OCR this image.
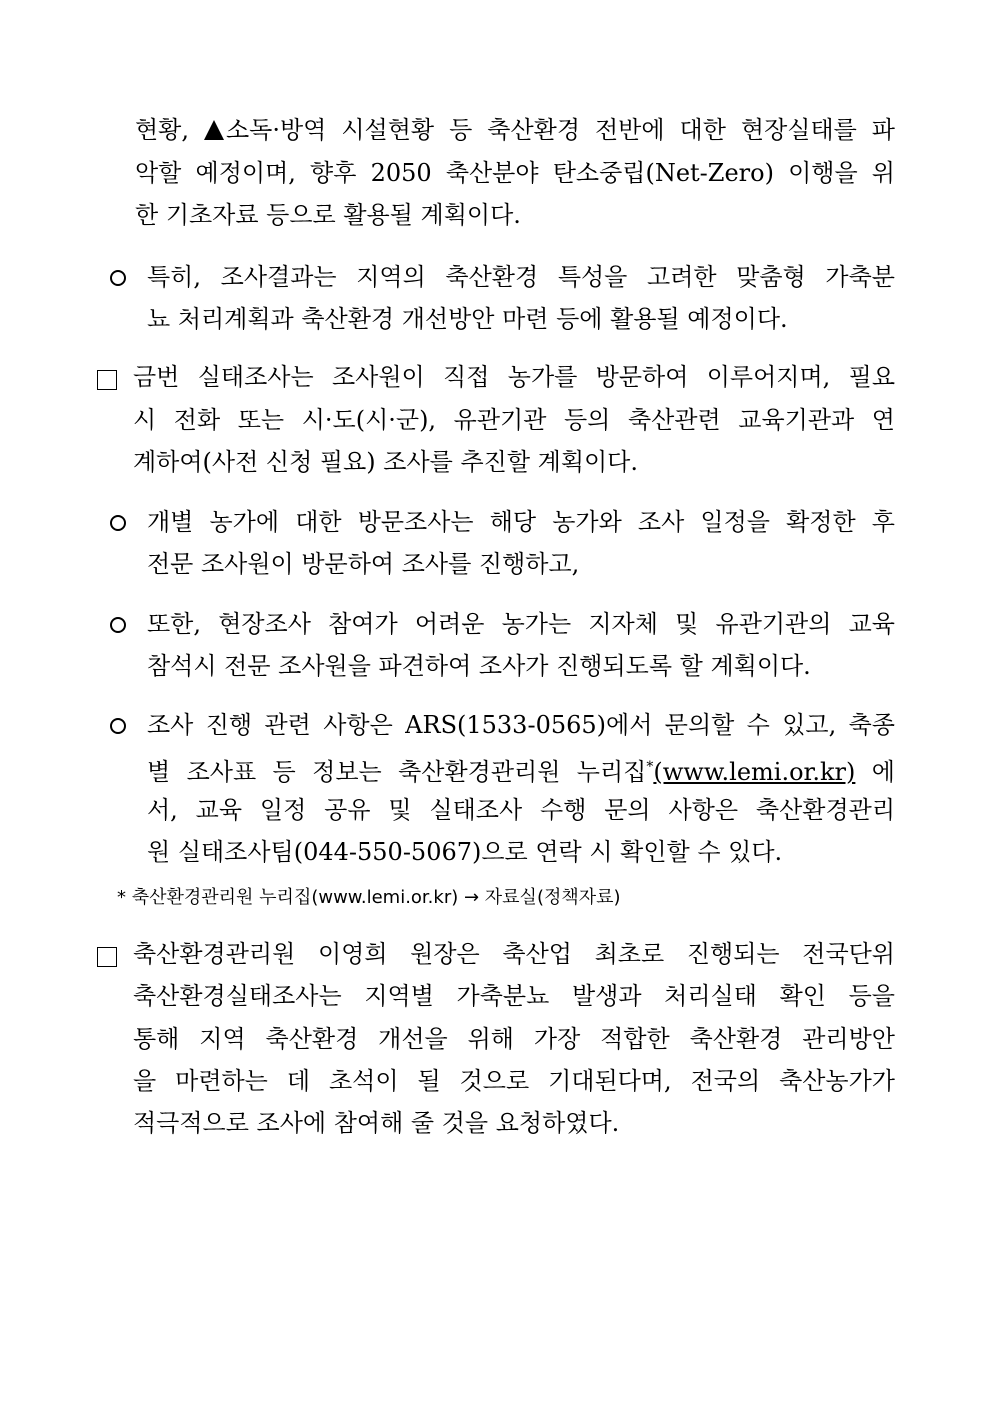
현황, 소독·방역 시설현황 등 축산환경 전반에 대한 현장실태를 파
악할 예정이며, 향후 2050 축산분야 탄소중립(Net-Zero) 이행을 위
한 기초자료 등으로 활용될 계획이다.
특히, 조사결과는 지역의 축산환경 특성을 고려한 맞춤형 가축분
뇨 처리계획과 축산환경 개선방안 마련 등에 활용될 예정이다.
금번 실태조사는 조사원이 직접 농가를 방문하여 이루어지며, 필요
시 전화 또는 시·도(시·군), 유관기관 등의 축산관련 교육기관과 연
계하여(사전 신청 필요) 조사를 추진할 계획이다.
개별 농가에 대한 방문조사는 해당 농가와 조사 일정을 확정한 후
전문 조사원이 방문하여 조사를 진행하고,
또한, 현장조사 참여가 어려운 농가는 지자체 및 유관기관의 교육
참석시 전문 조사원을 파견하여 조사가 진행되도록 할 계획이다.
조사 진행 관련 사항은 ARS(1533-0565)에서 문의할 수 있고, 축종
별 조사표 등 정보는 축산환경관리원 누리집*(www.lemi.or.kr) 에
서, 교육 일정 공유 및 실태조사 수행 문의 사항은 축산환경관리
원 실태조사팀(044-550-5067)으로 연락 시 확인할 수 있다.
* 축산환경관리원 누리집(www.lemi.or.kr) → 자료실(정책자료)
축산환경관리원 이영희 원장은 축산업 최초로 진행되는 전국단위
축산환경실태조사는 지역별 가축분뇨 발생과 처리실태 확인 등을
통해 지역 축산환경 개선을 위해 가장 적합한 축산환경 관리방안
을 마련하는 데 초석이 될 것으로 기대된다며, 전국의 축산농가가
적극적으로 조사에 참여해 줄 것을 요청하였다.
